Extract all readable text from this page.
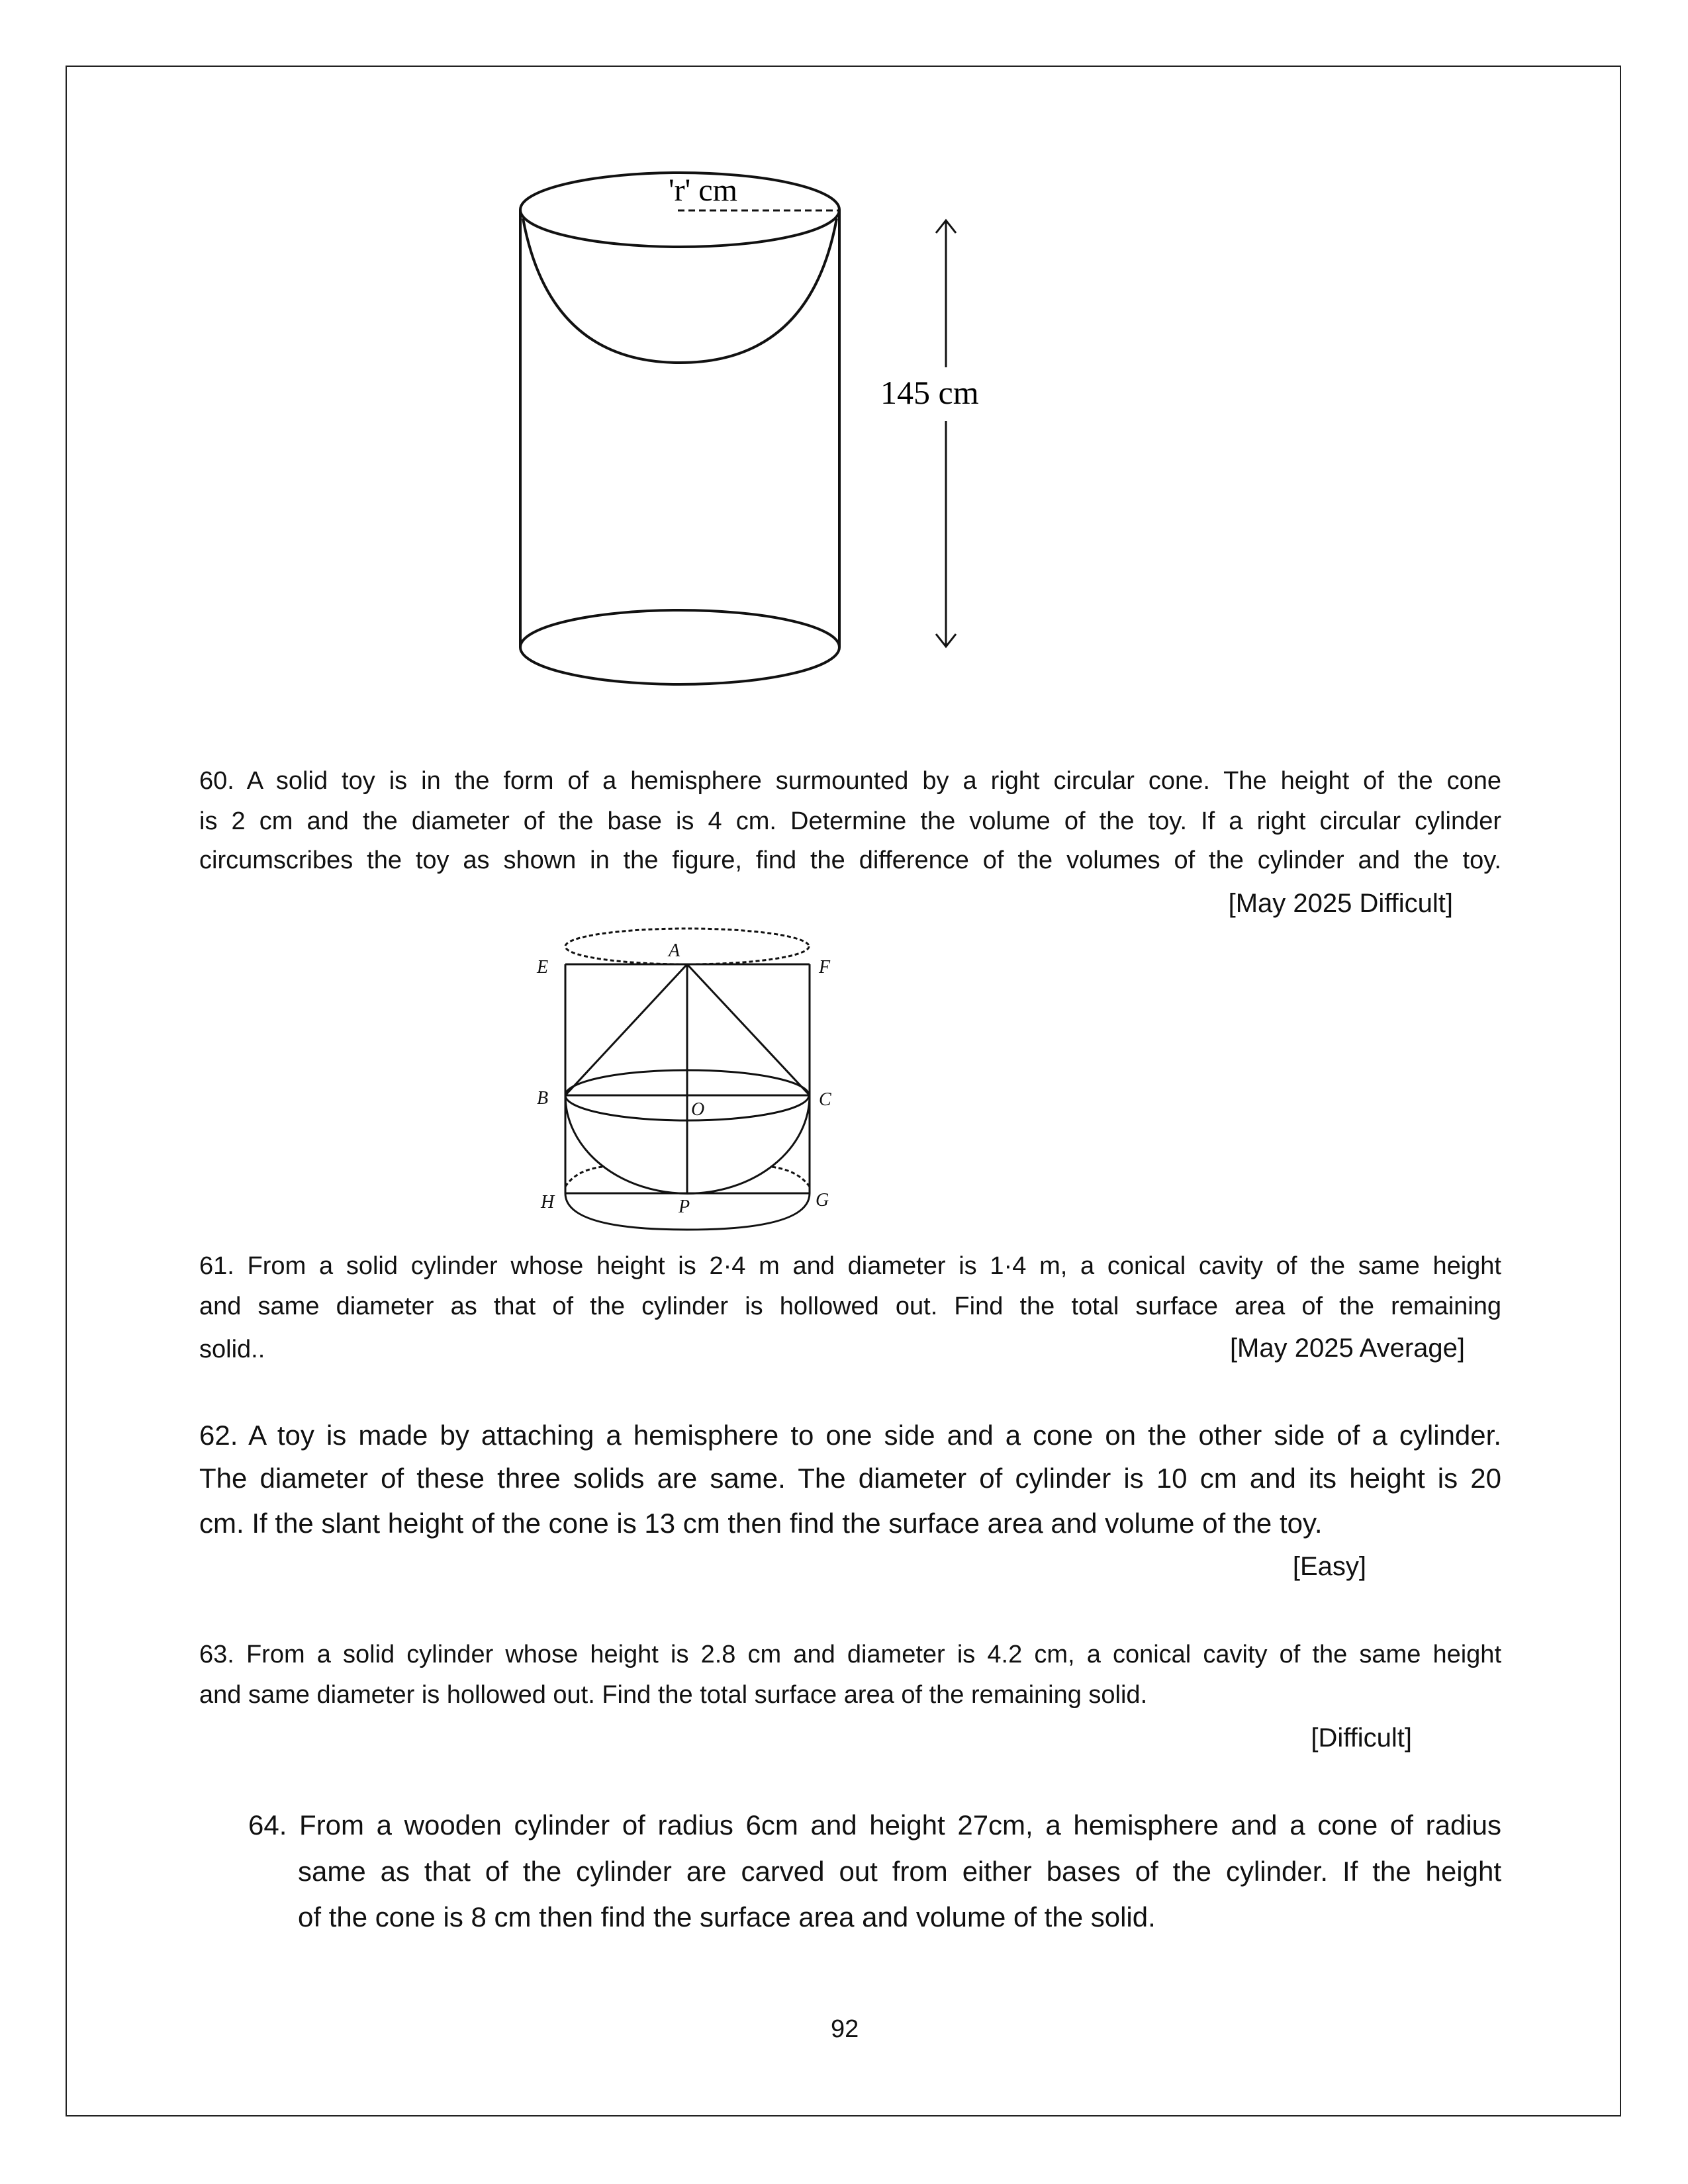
'r' cm
145 cm
A
E	F
B	C
O
H	G
P
60. A solid toy is in the form of a hemisphere surmounted by a right circular cone. The height of the cone
is 2 cm and the diameter of the base is 4 cm. Determine the volume of the toy. If a right circular cylinder
circumscribes the toy as shown in the figure, find the difference of the volumes of the cylinder and the toy.
[May 2025 Difficult]
61. From a solid cylinder whose height is 2·4 m and diameter is 1·4 m, a conical cavity of the same height
and same diameter as that of the cylinder is hollowed out. Find the total surface area of the remaining
solid..	[May 2025 Average]
62. A toy is made by attaching a hemisphere to one side and a cone on the other side of a cylinder.
The diameter of these three solids are same. The diameter of cylinder is 10 cm and its height is 20
cm. If the slant height of the cone is 13 cm then find the surface area and volume of the toy.
[Easy]
63. From a solid cylinder whose height is 2.8 cm and diameter is 4.2 cm, a conical cavity of the same height
and same diameter is hollowed out. Find the total surface area of the remaining solid.
[Difficult]
64. From a wooden cylinder of radius 6cm and height 27cm, a hemisphere and a cone of radius
same as that of the cylinder are carved out from either bases of the cylinder. If the height
of the cone is 8 cm then find the surface area and volume of the solid.
92
